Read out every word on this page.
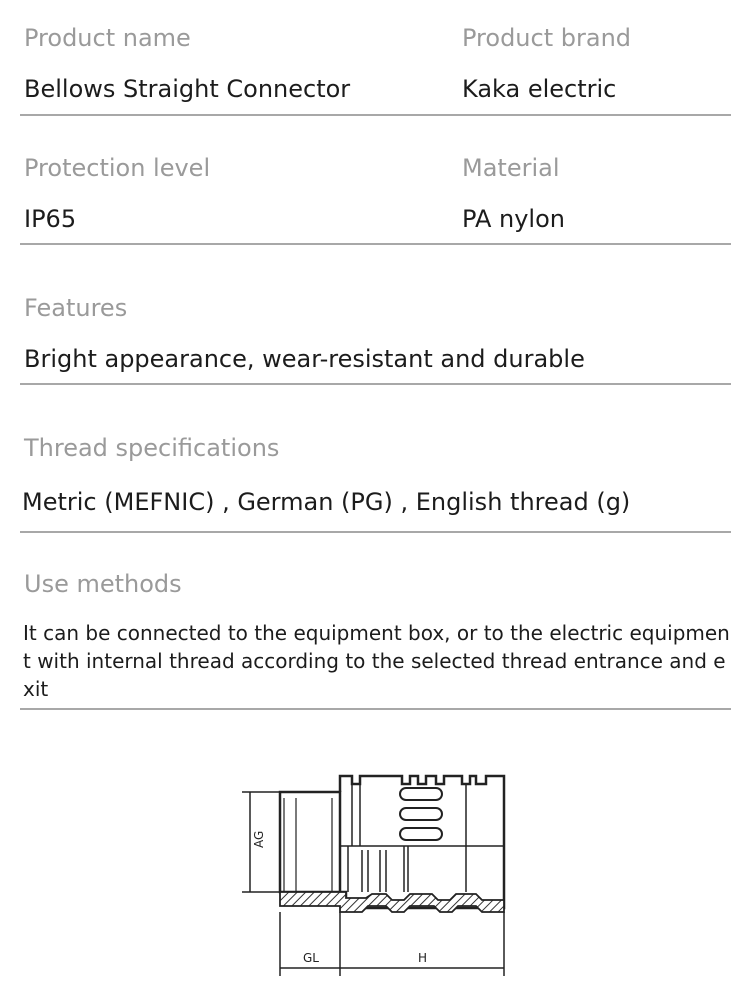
Product name
Bellows Straight Connector
Product brand
Kaka electric
Protection level
IP65
Material
PA nylon
Features
Bright appearance, wear-resistant and durable
Thread specifications
Metric (MEFNIC) , German (PG) , English thread (g)
Use methods
It can be connected to the equipment box, or to the electric equipment with internal thread according to the selected thread entrance and exit
AG
GL	H
